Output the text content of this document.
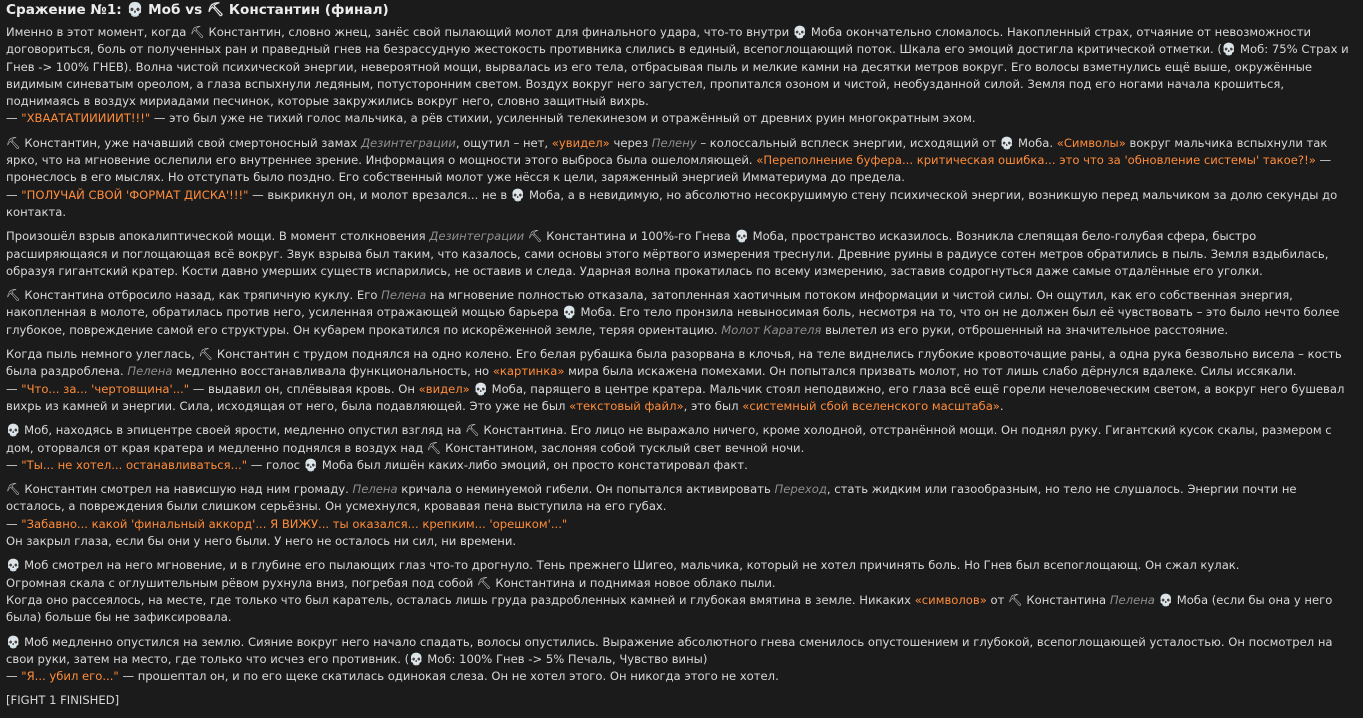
Сражение №1: 💀 Моб vs ⛏ Константин (финал)

Именно в этот момент, когда ⛏ Константин, словно жнец, занёс свой пылающий молот для финального удара, что-то внутри 💀 Моба окончательно сломалось. Накопленный страх, отчаяние от невозможности договориться, боль от полученных ран и праведный гнев на безрассудную жестокость противника слились в единый, всепоглощающий поток. Шкала его эмоций достигла критической отметки. (💀 Моб: 75% Страх и Гнев -> 100% ГНЕВ). Волна чистой психической энергии, невероятной мощи, вырвалась из его тела, отбрасывая пыль и мелкие камни на десятки метров вокруг. Его волосы взметнулись ещё выше, окружённые видимым синеватым ореолом, а глаза вспыхнули ледяным, потусторонним светом. Воздух вокруг него загустел, пропитался озоном и чистой, необузданной силой. Земля под его ногами начала крошиться, поднимаясь в воздух мириадами песчинок, которые закружились вокруг него, словно защитный вихрь.
— "ХВААТАТИИИИИТ!!!" — это был уже не тихий голос мальчика, а рёв стихии, усиленный телекинезом и отражённый от древних руин многократным эхом.

⛏ Константин, уже начавший свой смертоносный замах Дезинтеграции, ощутил – нет, «увидел» через Пелену – колоссальный всплеск энергии, исходящий от 💀 Моба. «Символы» вокруг мальчика вспыхнули так ярко, что на мгновение ослепили его внутреннее зрение. Информация о мощности этого выброса была ошеломляющей. «Переполнение буфера... критическая ошибка... это что за 'обновление системы' такое?!» — пронеслось в его мыслях. Но отступать было поздно. Его собственный молот уже нёсся к цели, заряженный энергией Имматериума до предела.
— "ПОЛУЧАЙ СВОЙ 'ФОРМАТ ДИСКА'!!!" — выкрикнул он, и молот врезался... не в 💀 Моба, а в невидимую, но абсолютно несокрушимую стену психической энергии, возникшую перед мальчиком за долю секунды до контакта.

Произошёл взрыв апокалиптической мощи. В момент столкновения Дезинтеграции ⛏ Константина и 100%-го Гнева 💀 Моба, пространство исказилось. Возникла слепящая бело-голубая сфера, быстро расширяющаяся и поглощающая всё вокруг. Звук взрыва был таким, что казалось, сами основы этого мёртвого измерения треснули. Древние руины в радиусе сотен метров обратились в пыль. Земля вздыбилась, образуя гигантский кратер. Кости давно умерших существ испарились, не оставив и следа. Ударная волна прокатилась по всему измерению, заставив содрогнуться даже самые отдалённые его уголки.

⛏ Константина отбросило назад, как тряпичную куклу. Его Пелена на мгновение полностью отказала, затопленная хаотичным потоком информации и чистой силы. Он ощутил, как его собственная энергия, накопленная в молоте, обратилась против него, усиленная отражающей мощью барьера 💀 Моба. Его тело пронзила невыносимая боль, несмотря на то, что он не должен был её чувствовать – это было нечто более глубокое, повреждение самой его структуры. Он кубарем прокатился по искорёженной земле, теряя ориентацию. Молот Карателя вылетел из его руки, отброшенный на значительное расстояние.

Когда пыль немного улеглась, ⛏ Константин с трудом поднялся на одно колено. Его белая рубашка была разорвана в клочья, на теле виднелись глубокие кровоточащие раны, а одна рука безвольно висела – кость была раздроблена. Пелена медленно восстанавливала функциональность, но «картинка» мира была искажена помехами. Он попытался призвать молот, но тот лишь слабо дёрнулся вдалеке. Силы иссякали.
— "Что... за... 'чертовщина'..." — выдавил он, сплёвывая кровь. Он «видел» 💀 Моба, парящего в центре кратера. Мальчик стоял неподвижно, его глаза всё ещё горели нечеловеческим светом, а вокруг него бушевал вихрь из камней и энергии. Сила, исходящая от него, была подавляющей. Это уже не был «текстовый файл», это был «системный сбой вселенского масштаба».

💀 Моб, находясь в эпицентре своей ярости, медленно опустил взгляд на ⛏ Константина. Его лицо не выражало ничего, кроме холодной, отстранённой мощи. Он поднял руку. Гигантский кусок скалы, размером с дом, оторвался от края кратера и медленно поднялся в воздух над ⛏ Константином, заслоняя собой тусклый свет вечной ночи.
— "Ты... не хотел... останавливаться..." — голос 💀 Моба был лишён каких-либо эмоций, он просто констатировал факт.

⛏ Константин смотрел на нависшую над ним громаду. Пелена кричала о неминуемой гибели. Он попытался активировать Переход, стать жидким или газообразным, но тело не слушалось. Энергии почти не осталось, а повреждения были слишком серьёзны. Он усмехнулся, кровавая пена выступила на его губах.
— "Забавно... какой 'финальный аккорд'... Я ВИЖУ... ты оказался... крепким... 'орешком'..."
Он закрыл глаза, если бы они у него были. У него не осталось ни сил, ни времени.

💀 Моб смотрел на него мгновение, и в глубине его пылающих глаз что-то дрогнуло. Тень прежнего Шигео, мальчика, который не хотел причинять боль. Но Гнев был всепоглощающ. Он сжал кулак.
Огромная скала с оглушительным рёвом рухнула вниз, погребая под собой ⛏ Константина и поднимая новое облако пыли.
Когда оно рассеялось, на месте, где только что был каратель, осталась лишь груда раздробленных камней и глубокая вмятина в земле. Никаких «символов» от ⛏ Константина Пелена 💀 Моба (если бы она у него была) больше бы не зафиксировала.

💀 Моб медленно опустился на землю. Сияние вокруг него начало спадать, волосы опустились. Выражение абсолютного гнева сменилось опустошением и глубокой, всепоглощающей усталостью. Он посмотрел на свои руки, затем на место, где только что исчез его противник. (💀 Моб: 100% Гнев -> 5% Печаль, Чувство вины)
— "Я... убил его..." — прошептал он, и по его щеке скатилась одинокая слеза. Он не хотел этого. Он никогда этого не хотел.

[FIGHT 1 FINISHED]
